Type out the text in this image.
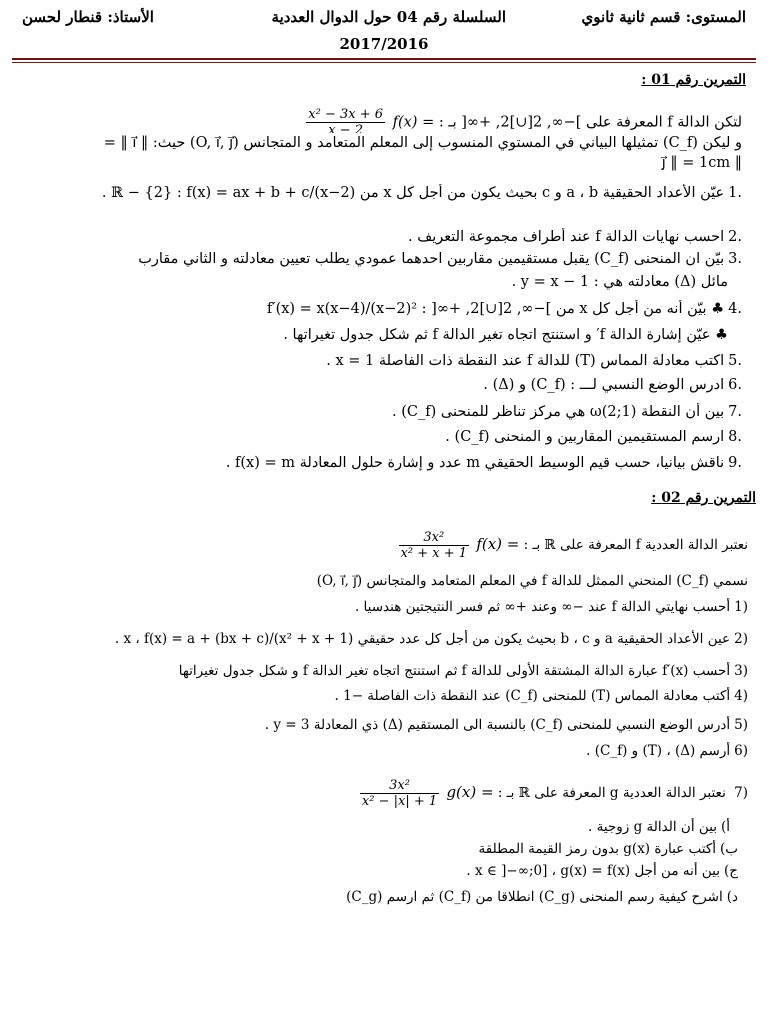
المستوى: قسم ثانية ثانوي
السلسلة رقم 04 حول الدوال العددية
الأستاذ: قنطار لحسن
2017/2016
التمرين رقم 01 :
لتكن الدالة f المعرفة على ]−∞, 2[∪]2, +∞[ بـ : f(x) =
$\frac{\text{x² − 3x + 6}}{x - 2}$
و ليكن (C_f) تمثيلها البياني في المستوي المنسوب إلى المعلم المتعامد و المتجانس (O, i⃗, j⃗) حيث: ‖ i⃗ ‖ =
‖ j⃗ ‖ = 1cm
.1عيّن الأعداد الحقيقية a ، b و c بحيث يكون من أجل كل x من ℝ − {2} : f(x) = ax + b + c/(x−2) .
.2احسب نهايات الدالة f عند أطراف مجموعة التعريف .
.3بيّن ان المنحنى (C_f) يقبل مستقيمين مقاربين احدهما عمودي يطلب تعيين معادلته و الثاني مقارب
مائل (Δ) معادلته هي : y = x − 1 .
.4♣ بيّن أنه من أجل كل x من ]−∞, 2[∪]2, +∞[ : f′(x) = x(x−4)/(x−2)²
♣ عيّن إشارة الدالة f′ و استنتج اتجاه تغير الدالة f ثم شكل جدول تغيراتها .
.5اكتب معادلة المماس (T) للدالة f عند النقطة ذات الفاصلة 1 = x .
.6ادرس الوضع النسبي لـــ : (C_f) و (Δ) .
.7بين أن النقطة ω(2;1) هي مركز تناظر للمنحنى (C_f) .
.8ارسم المستقيمين المقاربين و المنحنى (C_f) .
.9ناقش بيانيا، حسب قيم الوسيط الحقيقي m عدد و إشارة حلول المعادلة f(x) = m .
التمرين رقم 02 :
نعتبر الدالة العددية f المعرفة على ℝ بـ : f(x) =
$\frac{\text{3x²}}{\text{x² + x + 1}}$
نسمي (C_f) المنحني الممثل للدالة f في المعلم المتعامد والمتجانس (O, i⃗, j⃗)
(1أحسب نهايتي الدالة f عند −∞ وعند +∞ ثم فسر النتيجتين هندسيا .
(2عين الأعداد الحقيقية a و b ، c بحيث يكون من أجل كل عدد حقيقي x ، f(x) = a + (bx + c)/(x² + x + 1) .
(3أحسب f′(x) عبارة الدالة المشتقة الأولى للدالة f ثم استنتج اتجاه تغير الدالة f و شكل جدول تغيراتها
(4أكتب معادلة المماس (T) للمنحنى (C_f) عند النقطة ذات الفاصلة −1 .
(5أدرس الوضع النسبي للمنحنى (C_f) بالنسبة الى المستقيم (Δ) ذي المعادلة y = 3 .
(6أرسم (Δ) ، (T) و (C_f) .
(7 نعتبر الدالة العددية g المعرفة على ℝ بـ : g(x) =
$\frac{\text{3x²}}{\text{x² − |x| + 1}}$
أ)بين أن الدالة g زوجية .
ب)أكتب عبارة g(x) بدون رمز القيمة المطلقة
ج)بين أنه من أجل x ∈ ]−∞;0] ، g(x) = f(x) .
د)اشرح كيفية رسم المنحنى (C_g) انطلاقا من (C_f) ثم ارسم (C_g)
